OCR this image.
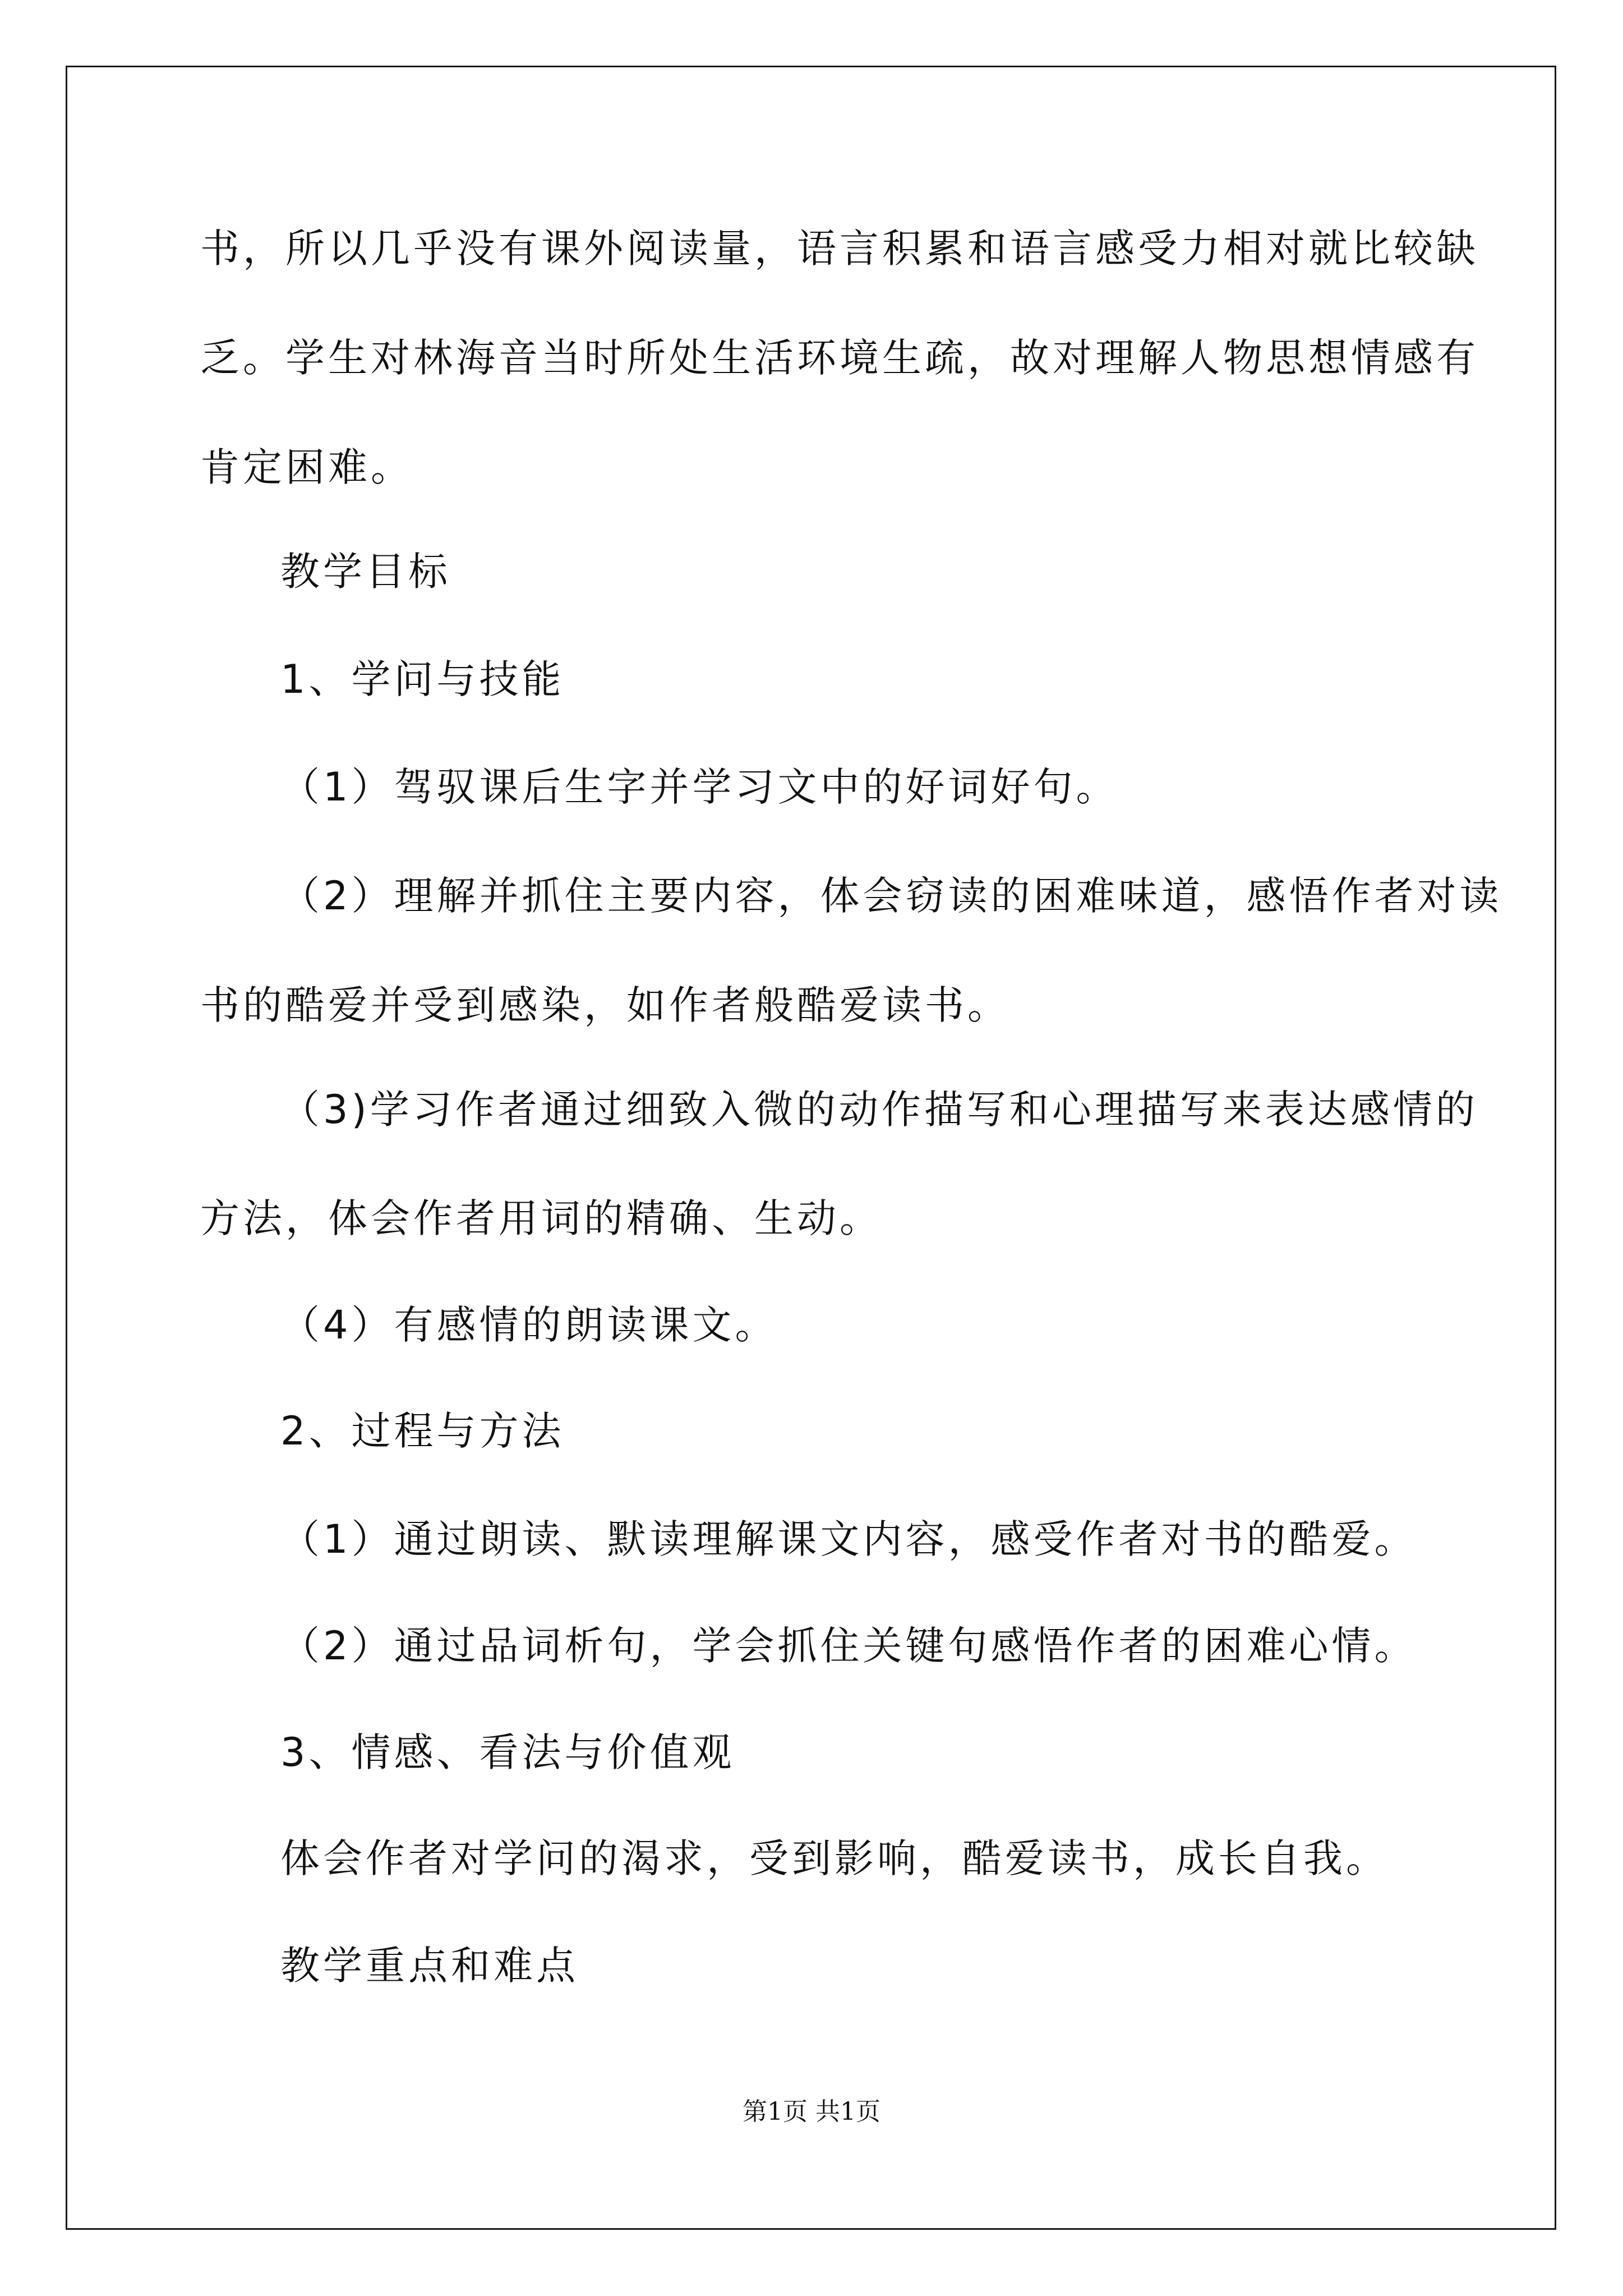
书，所以几乎没有课外阅读量，语言积累和语言感受力相对就比较缺
乏。学生对林海音当时所处生活环境生疏，故对理解人物思想情感有
肯定困难。
教学目标
1、学问与技能
（1）驾驭课后生字并学习文中的好词好句。
（2）理解并抓住主要内容，体会窃读的困难味道，感悟作者对读
书的酷爱并受到感染，如作者般酷爱读书。
（3)学习作者通过细致入微的动作描写和心理描写来表达感情的
方法，体会作者用词的精确、生动。
（4）有感情的朗读课文。
2、过程与方法
（1）通过朗读、默读理解课文内容，感受作者对书的酷爱。
（2）通过品词析句，学会抓住关键句感悟作者的困难心情。
3、情感、看法与价值观
体会作者对学问的渴求，受到影响，酷爱读书，成长自我。
教学重点和难点
第1页 共1页
